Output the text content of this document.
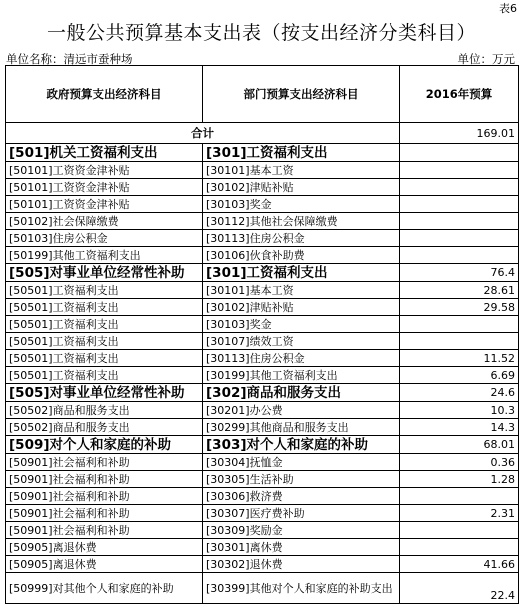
表6
一般公共预算基本支出表（按支出经济分类科目）
单位名称：清远市蚕种场	单位：万元
政府预算支出经济科目	部门预算支出经济科目	2016年预算
合计		169.01
[501]机关工资福利支出	[301]工资福利支出	
[50101]工资资金津补贴	[30101]基本工资	
[50101]工资资金津补贴	[30102]津贴补贴	
[50101]工资资金津补贴	[30103]奖金	
[50102]社会保障缴费	[30112]其他社会保障缴费	
[50103]住房公积金	[30113]住房公积金	
[50199]其他工资福利支出	[30106]伙食补助费	
[505]对事业单位经常性补助	[301]工资福利支出	76.4
[50501]工资福利支出	[30101]基本工资	28.61
[50501]工资福利支出	[30102]津贴补贴	29.58
[50501]工资福利支出	[30103]奖金	
[50501]工资福利支出	[30107]绩效工资	
[50501]工资福利支出	[30113]住房公积金	11.52
[50501]工资福利支出	[30199]其他工资福利支出	6.69
[505]对事业单位经常性补助	[302]商品和服务支出	24.6
[50502]商品和服务支出	[30201]办公费	10.3
[50502]商品和服务支出	[30299]其他商品和服务支出	14.3
[509]对个人和家庭的补助	[303]对个人和家庭的补助	68.01
[50901]社会福利和补助	[30304]抚恤金	0.36
[50901]社会福利和补助	[30305]生活补助	1.28
[50901]社会福利和补助	[30306]救济费	
[50901]社会福利和补助	[30307]医疗费补助	2.31
[50901]社会福利和补助	[30309]奖励金	
[50905]离退休费	[30301]离休费	
[50905]离退休费	[30302]退休费	41.66
[50999]对其他个人和家庭的补助	[30399]其他对个人和家庭的补助支出	22.4
